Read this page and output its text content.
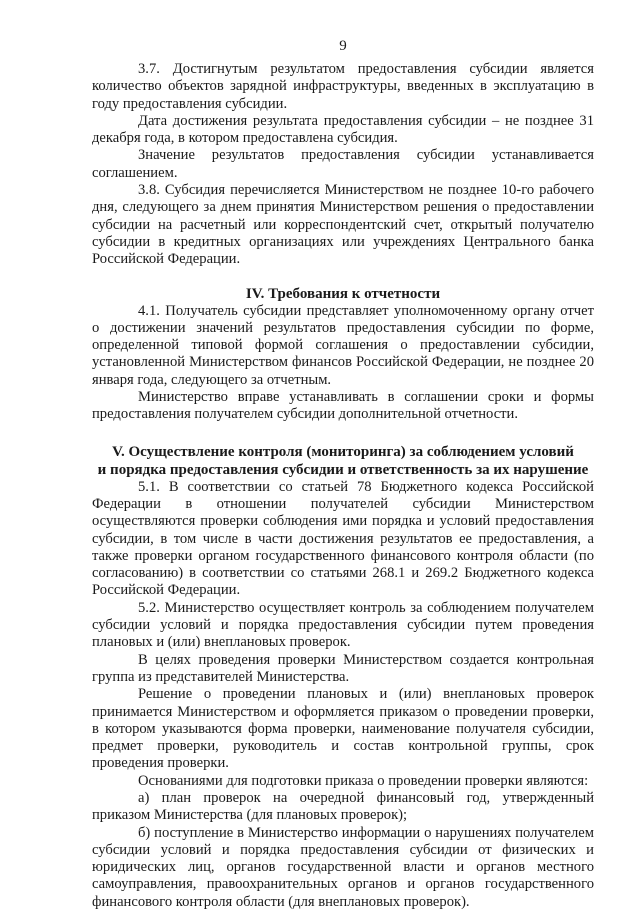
9

3.7. Достигнутым результатом предоставления субсидии является количество объектов зарядной инфраструктуры, введенных в эксплуатацию в году предоставления субсидии.

Дата достижения результата предоставления субсидии – не позднее 31 декабря года, в котором предоставлена субсидия.

Значение результатов предоставления субсидии устанавливается соглашением.

3.8. Субсидия перечисляется Министерством не позднее 10-го рабочего дня, следующего за днем принятия Министерством решения о предоставлении субсидии на расчетный или корреспондентский счет, открытый получателю субсидии в кредитных организациях или учреждениях Центрального банка Российской Федерации.

IV. Требования к отчетности

4.1. Получатель субсидии представляет уполномоченному органу отчет о достижении значений результатов предоставления субсидии по форме, определенной типовой формой соглашения о предоставлении субсидии, установленной Министерством финансов Российской Федерации, не позднее 20 января года, следующего за отчетным.

Министерство вправе устанавливать в соглашении сроки и формы предоставления получателем субсидии дополнительной отчетности.

V. Осуществление контроля (мониторинга) за соблюдением условий
и порядка предоставления субсидии и ответственность за их нарушение

5.1. В соответствии со статьей 78 Бюджетного кодекса Российской Федерации в отношении получателей субсидии Министерством осуществляются проверки соблюдения ими порядка и условий предоставления субсидии, в том числе в части достижения результатов ее предоставления, а также проверки органом государственного финансового контроля области (по согласованию) в соответствии со статьями 268.1 и 269.2 Бюджетного кодекса Российской Федерации.

5.2. Министерство осуществляет контроль за соблюдением получателем субсидии условий и порядка предоставления субсидии путем проведения плановых и (или) внеплановых проверок.

В целях проведения проверки Министерством создается контрольная группа из представителей Министерства.

Решение о проведении плановых и (или) внеплановых проверок принимается Министерством и оформляется приказом о проведении проверки, в котором указываются форма проверки, наименование получателя субсидии, предмет проверки, руководитель и состав контрольной группы, срок проведения проверки.

Основаниями для подготовки приказа о проведении проверки являются:

а) план проверок на очередной финансовый год, утвержденный приказом Министерства (для плановых проверок);

б) поступление в Министерство информации о нарушениях получателем субсидии условий и порядка предоставления субсидии от физических и юридических лиц, органов государственной власти и органов местного самоуправления, правоохранительных органов и органов государственного финансового контроля области (для внеплановых проверок).
